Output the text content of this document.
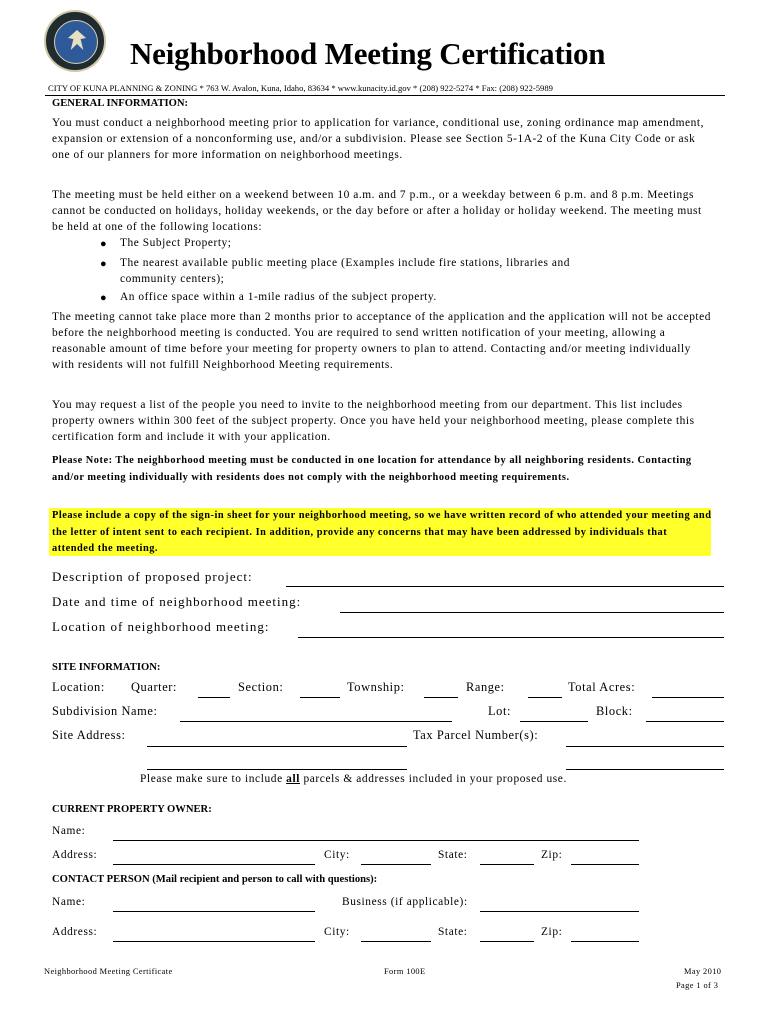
Neighborhood Meeting Certification
CITY OF KUNA PLANNING & ZONING * 763 W. Avalon, Kuna, Idaho, 83634 * www.kunacity.id.gov * (208) 922-5274 * Fax: (208) 922-5989
GENERAL INFORMATION:
You must conduct a neighborhood meeting prior to application for variance, conditional use, zoning ordinance map amendment, expansion or extension of a nonconforming use, and/or a subdivision. Please see Section 5-1A-2 of the Kuna City Code or ask one of our planners for more information on neighborhood meetings.
The meeting must be held either on a weekend between 10 a.m. and 7 p.m., or a weekday between 6 p.m. and 8 p.m. Meetings cannot be conducted on holidays, holiday weekends, or the day before or after a holiday or holiday weekend. The meeting must be held at one of the following locations:
● The Subject Property;
● The nearest available public meeting place (Examples include fire stations, libraries and
community centers);
● An office space within a 1-mile radius of the subject property.
The meeting cannot take place more than 2 months prior to acceptance of the application and the application will not be accepted before the neighborhood meeting is conducted. You are required to send written notification of your meeting, allowing a reasonable amount of time before your meeting for property owners to plan to attend. Contacting and/or meeting individually with residents will not fulfill Neighborhood Meeting requirements.
You may request a list of the people you need to invite to the neighborhood meeting from our department. This list includes property owners within 300 feet of the subject property. Once you have held your neighborhood meeting, please complete this certification form and include it with your application.
Please Note: The neighborhood meeting must be conducted in one location for attendance by all neighboring residents. Contacting and/or meeting individually with residents does not comply with the neighborhood meeting requirements.
Please include a copy of the sign-in sheet for your neighborhood meeting, so we have written record of who attended your meeting and the letter of intent sent to each recipient. In addition, provide any concerns that may have been addressed by individuals that attended the meeting.
Description of proposed project:
Date and time of neighborhood meeting:
Location of neighborhood meeting:
SITE INFORMATION:
Location: Quarter:	Section:	Township:	Range:	Total Acres:
Subdivision Name:	Lot:	Block:
Site Address:	Tax Parcel Number(s):
Please make sure to include all parcels & addresses included in your proposed use.
CURRENT PROPERTY OWNER:
Name:
Address:	City:	State:	Zip:
CONTACT PERSON (Mail recipient and person to call with questions):
Name:	Business (if applicable):
Address:	City:	State:	Zip:
Neighborhood Meeting Certificate	Form 100E	May 2010
Page 1 of 3
